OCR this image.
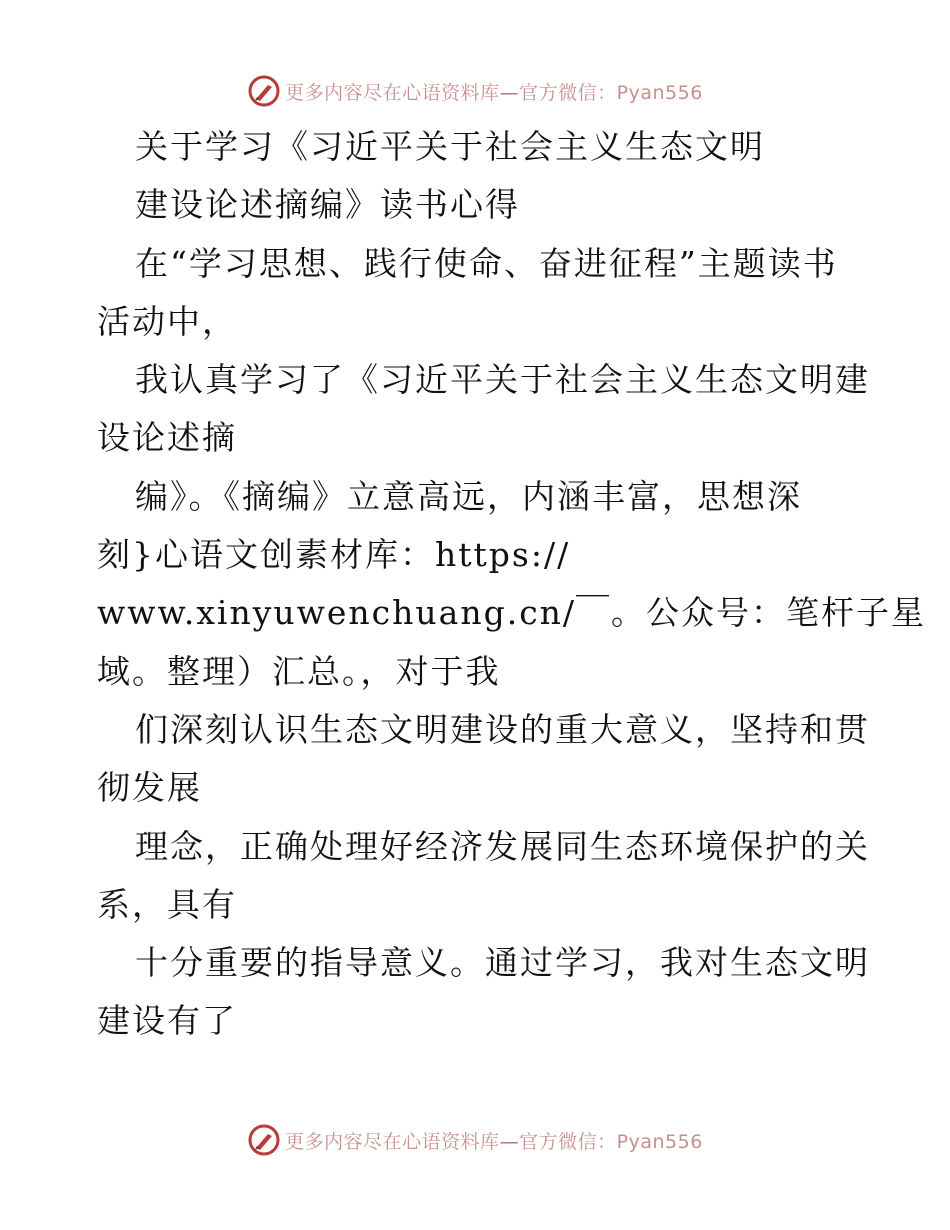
更多内容尽在心语资料库—官方微信：Pyan556
关于学习《习近平关于社会主义生态文明
建设论述摘编》读书心得
在“学习思想、践行使命、奋进征程”主题读书
活动中，
我认真学习了《习近平关于社会主义生态文明建
设论述摘
编》。《摘编》立意高远，内涵丰富，思想深
刻}心语文创素材库：https://
www.xinyuwenchuang.cn/￣。公众号：笔杆子星
域。整理）汇总。，对于我
们深刻认识生态文明建设的重大意义，坚持和贯
彻发展
理念，正确处理好经济发展同生态环境保护的关
系，具有
十分重要的指导意义。通过学习，我对生态文明
建设有了
更多内容尽在心语资料库—官方微信：Pyan556
